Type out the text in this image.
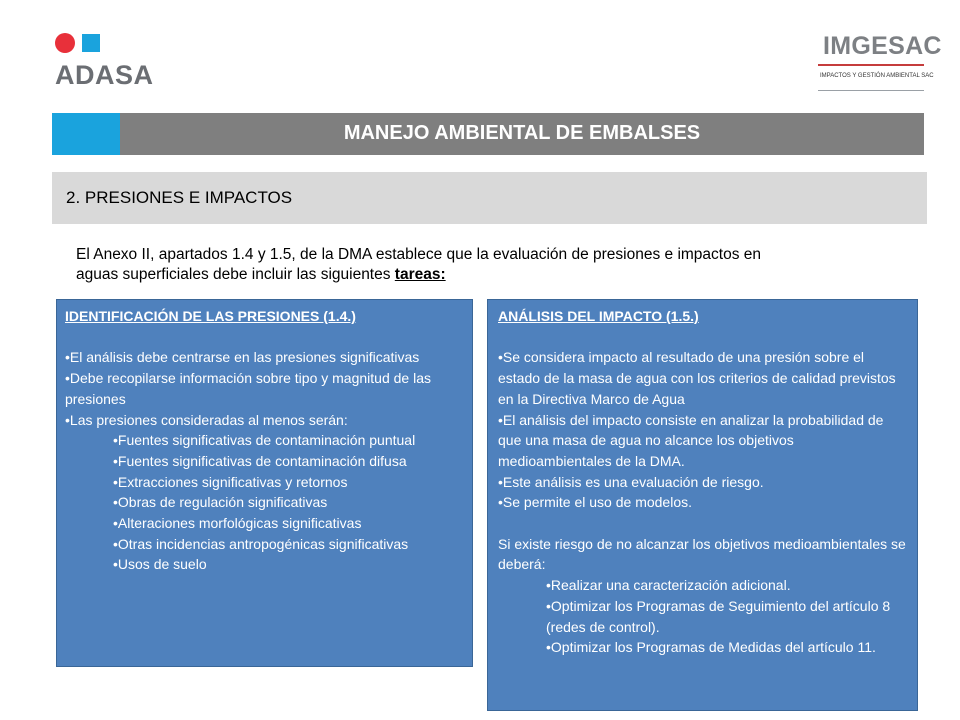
ADASA
IMGESAC
IMPACTOS Y GESTIÓN AMBIENTAL SAC
MANEJO AMBIENTAL DE EMBALSES
2. PRESIONES E IMPACTOS
El Anexo II, apartados 1.4 y 1.5, de la DMA establece que la evaluación de presiones e impactos en
aguas superficiales debe incluir las siguientes tareas:

IDENTIFICACIÓN DE LAS PRESIONES (1.4.)

•El análisis debe centrarse en las presiones significativas

•Debe recopilarse información sobre tipo y magnitud de las presiones

•Las presiones consideradas al menos serán:

•Fuentes significativas de contaminación puntual

•Fuentes significativas de contaminación difusa

•Extracciones significativas y retornos

•Obras de regulación significativas

•Alteraciones morfológicas significativas

•Otras incidencias antropogénicas significativas

•Usos de suelo

ANÁLISIS DEL IMPACTO (1.5.)

•Se considera impacto al resultado de una presión sobre el estado de la masa de agua con los criterios de calidad previstos en la Directiva Marco de Agua

•El análisis del impacto consiste en analizar la probabilidad de que una masa de agua no alcance los objetivos medioambientales de la DMA.

•Este análisis es una evaluación de riesgo.

•Se permite el uso de modelos.

Si existe riesgo de no alcanzar los objetivos medioambientales se deberá:

•Realizar una caracterización adicional.

•Optimizar los Programas de Seguimiento del artículo 8 (redes de control).

•Optimizar los Programas de Medidas del artículo 11.
